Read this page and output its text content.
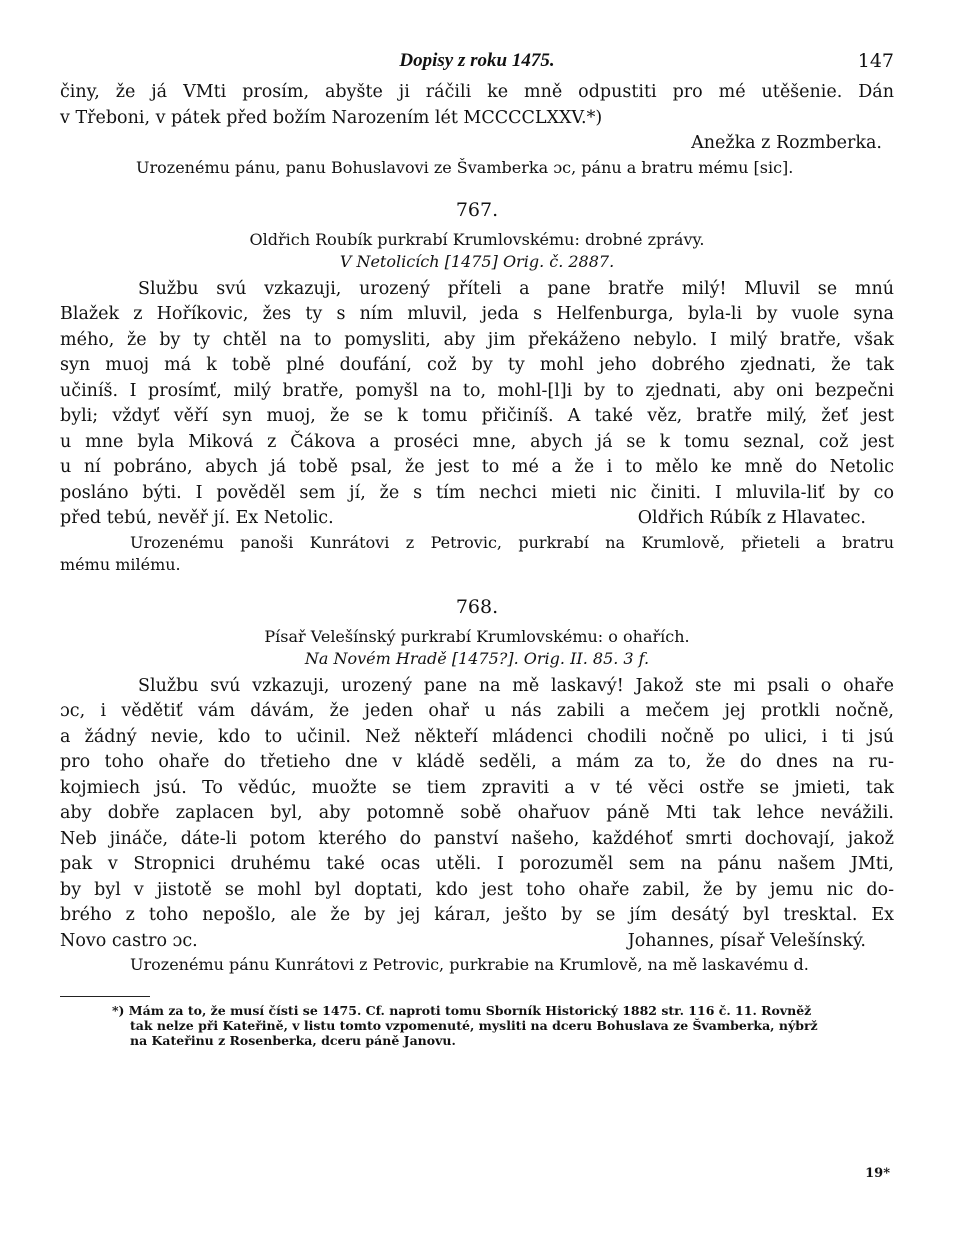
Dopisy z roku 1475.	147
činy, že já VMti prosím, abyšte ji ráčili ke mně odpustiti pro mé utěšenie. Dán
v Třeboni, v pátek před božím Narozením lét MCCCCLXXV.*)
Anežka z Rozmberka.
Urozenému pánu, panu Bohuslavovi ze Švamberka ɔc, pánu a bratru mému [sic].
767.
Oldřich Roubík purkrabí Krumlovskému: drobné zprávy.
V Netolicích [1475] Orig. č. 2887.
Službu svú vzkazuji, urozený příteli a pane bratře milý! Mluvil se mnú
Blažek z Hoříkovic, žes ty s ním mluvil, jeda s Helfenburga, byla-li by vuole syna
mého, že by ty chtěl na to pomysliti, aby jim překáženo nebylo. I milý bratře, však
syn muoj má k tobě plné doufání, což by ty mohl jeho dobrého zjednati, že tak
učiníš. I prosímť, milý bratře, pomyšl na to, mohl-[l]i by to zjednati, aby oni bezpečni
byli; vždyť věří syn muoj, že se k tomu přičiníš. A také věz, bratře milý, žeť jest
u mne byla Miková z Čákova a proséci mne, abych já se k tomu seznal, což jest
u ní pobráno, abych já tobě psal, že jest to mé a že i to mělo ke mně do Netolic
posláno býti. I pověděl sem jí, že s tím nechci mieti nic činiti. I mluvila-liť by co
před tebú, nevěř jí. Ex Netolic.	Oldřich Rúbík z Hlavatec.
Urozenému panoši Kunrátovi z Petrovic, purkrabí na Krumlově, přieteli a bratru
mému milému.
768.
Písař Velešínský purkrabí Krumlovskému: o ohařích.
Na Novém Hradě [1475?]. Orig. II. 85. 3 f.
Službu svú vzkazuji, urozený pane na mě laskavý! Jakož ste mi psali o ohaře
ɔc, i vědětiť vám dávám, že jeden ohař u nás zabili a mečem jej protkli nočně,
a žádný nevie, kdo to učinil. Než někteří mládenci chodili nočně po ulici, i ti jsú
pro toho ohaře do třetieho dne v kládě seděli, a mám za to, že do dnes na ru-
kojmiech jsú. To vědúc, muožte se tiem zpraviti a v té věci ostře se jmieti, tak
aby dobře zaplacen byl, aby potomně sobě ohařuov páně Mti tak lehce nevážili.
Neb jináče, dáte-li potom kterého do panství našeho, každéhoť smrti dochovají, jakož
pak v Stropnici druhému také ocas utěli. I porozuměl sem na pánu našem JMti,
by byl v jistotě se mohl byl doptati, kdo jest toho ohaře zabil, že by jemu nic do-
brého z toho nepošlo, ale že by jej kárал, ješto by se jím desátý byl tresktal. Ex
Novo castro ɔc.	Johannes, písař Velešínský.
Urozenému pánu Kunrátovi z Petrovic, purkrabie na Krumlově, na mě laskavému d.
*) Mám za to, že musí čísti se 1475. Cf. naproti tomu Sborník Historický 1882 str. 116 č. 11. Rovněž
tak nelze při Kateřině, v listu tomto vzpomenuté, mysliti na dceru Bohuslava ze Švamberka, nýbrž
na Kateřinu z Rosenberka, dceru páně Janovu.
19*
